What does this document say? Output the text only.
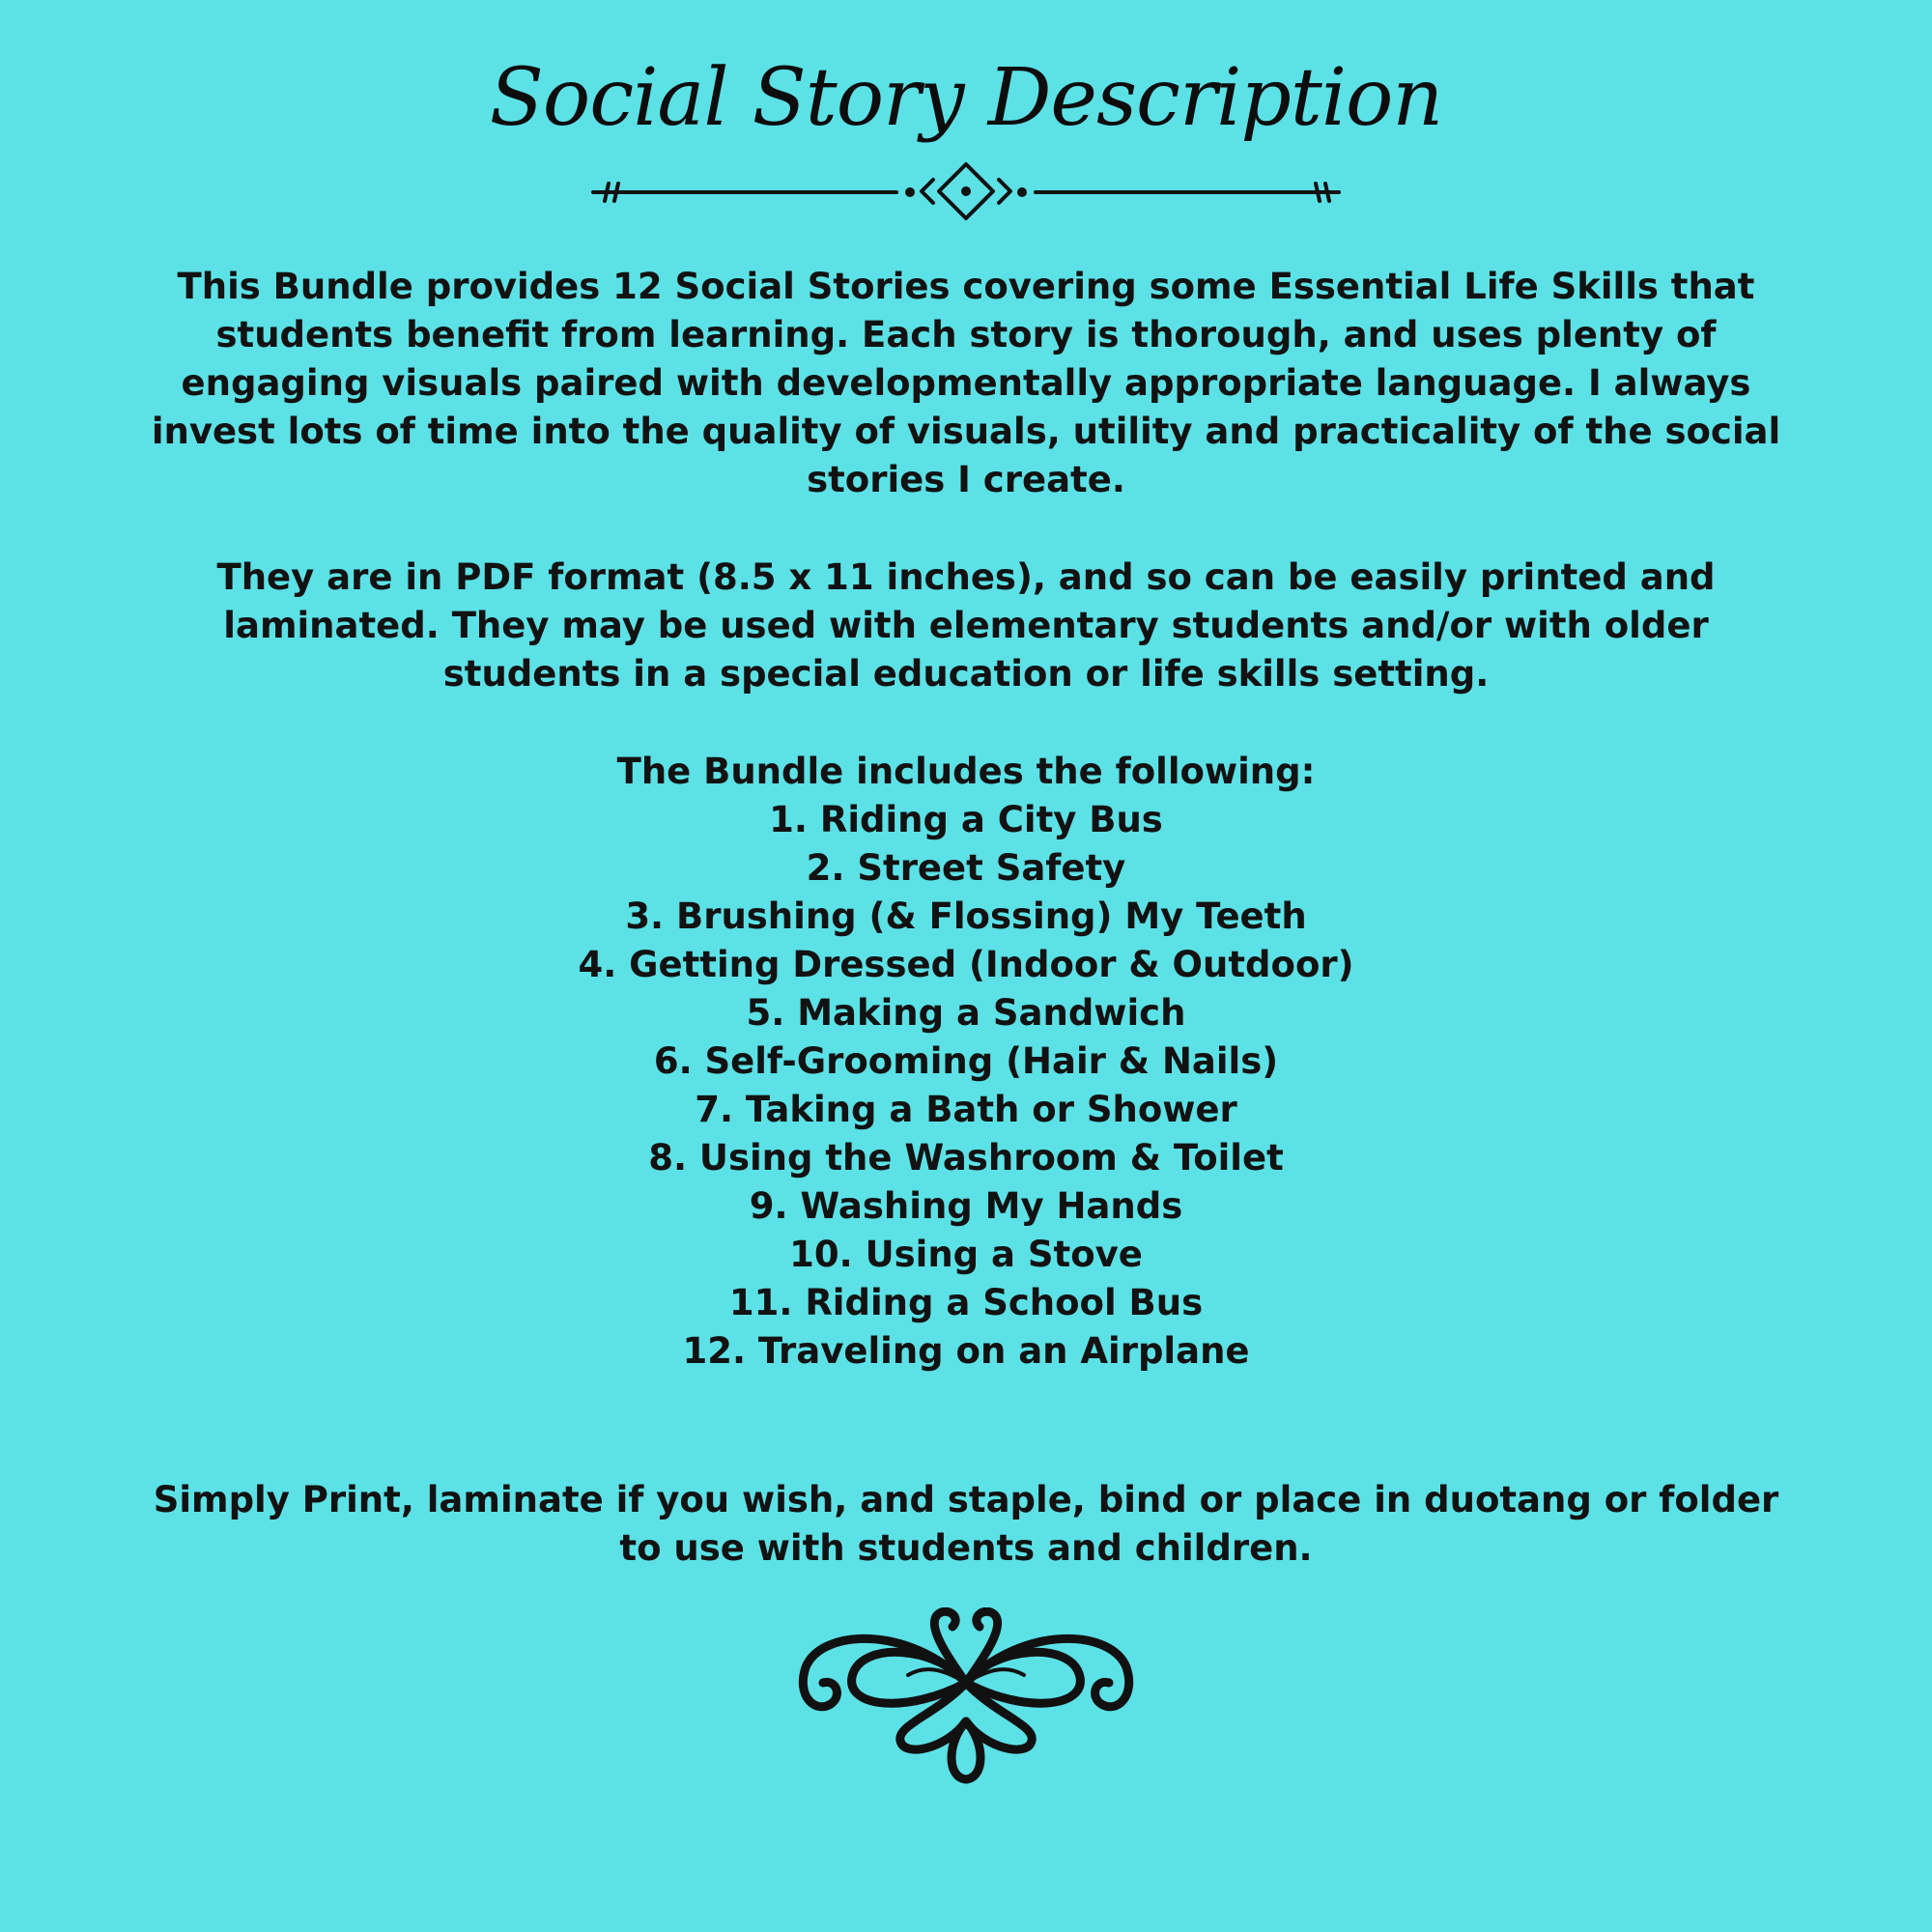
Social Story Description
This Bundle provides 12 Social Stories covering some Essential Life Skills that students benefit from learning. Each story is thorough, and uses plenty of engaging visuals paired with developmentally appropriate language. I always invest lots of time into the quality of visuals, utility and practicality of the social stories I create.
They are in PDF format (8.5 x 11 inches), and so can be easily printed and laminated. They may be used with elementary students and/or with older students in a special education or life skills setting.
The Bundle includes the following:
1. Riding a City Bus
2. Street Safety
3. Brushing (& Flossing) My Teeth
4. Getting Dressed (Indoor & Outdoor)
5. Making a Sandwich
6. Self-Grooming (Hair & Nails)
7. Taking a Bath or Shower
8. Using the Washroom & Toilet
9. Washing My Hands
10. Using a Stove
11. Riding a School Bus
12. Traveling on an Airplane
Simply Print, laminate if you wish, and staple, bind or place in duotang or folder to use with students and children.
